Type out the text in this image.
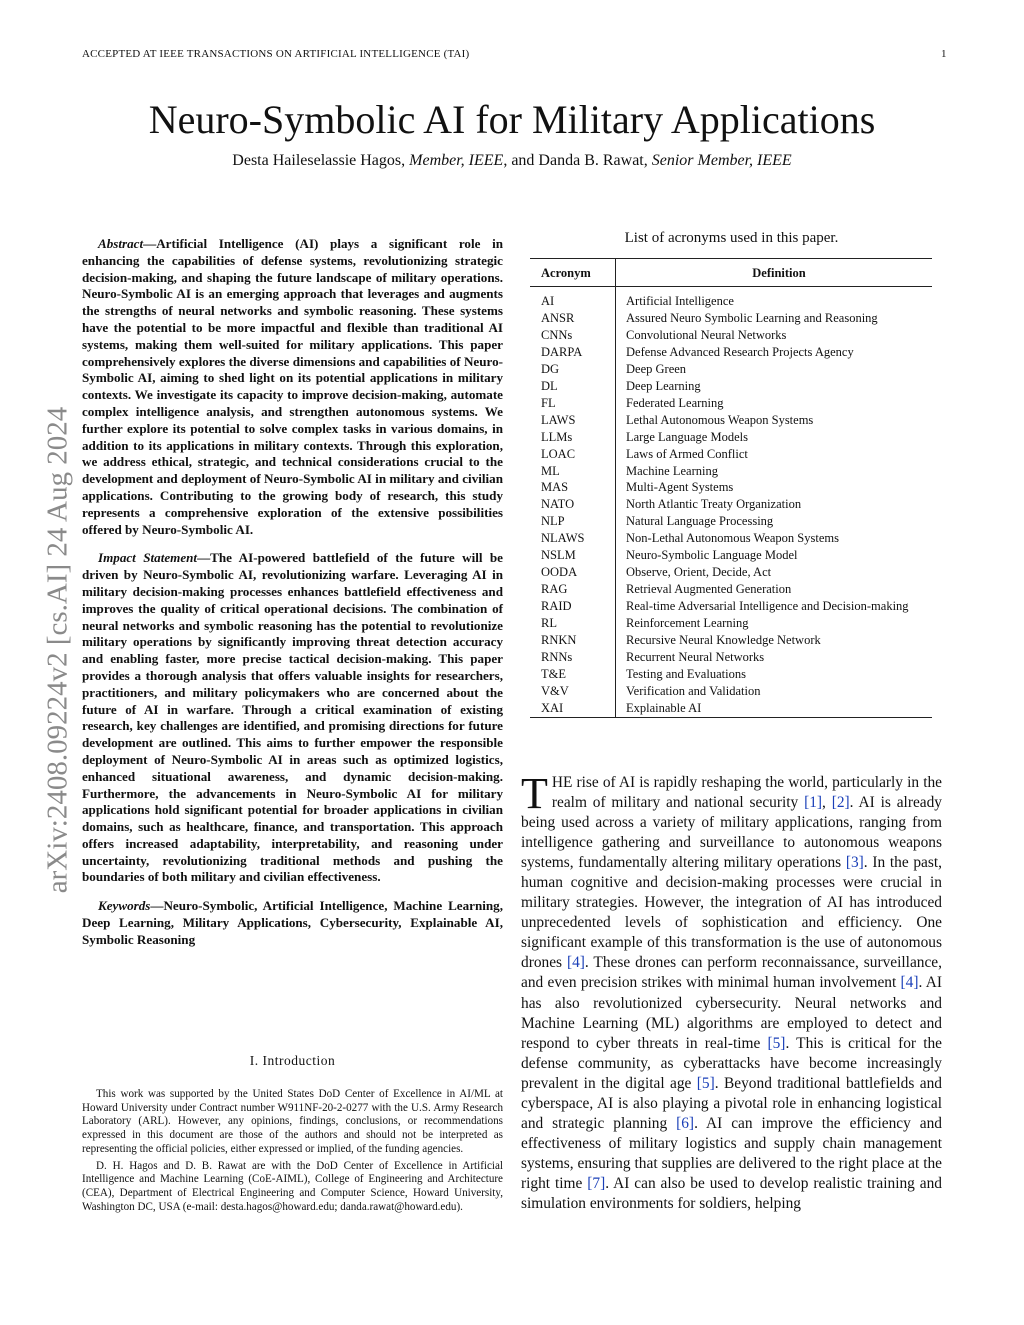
ACCEPTED AT IEEE TRANSACTIONS ON ARTIFICIAL INTELLIGENCE (TAI)	1
Neuro-Symbolic AI for Military Applications
Desta Haileselassie Hagos, Member, IEEE, and Danda B. Rawat, Senior Member, IEEE
arXiv:2408.09224v2 [cs.AI] 24 Aug 2024

Abstract—Artificial Intelligence (AI) plays a significant role in enhancing the capabilities of defense systems, revolutionizing strategic decision-making, and shaping the future landscape of military operations. Neuro-Symbolic AI is an emerging approach that leverages and augments the strengths of neural networks and symbolic reasoning. These systems have the potential to be more impactful and flexible than traditional AI systems, making them well-suited for military applications. This paper comprehensively explores the diverse dimensions and capabilities of Neuro-Symbolic AI, aiming to shed light on its potential applications in military contexts. We investigate its capacity to improve decision-making, automate complex intelligence analysis, and strengthen autonomous systems. We further explore its potential to solve complex tasks in various domains, in addition to its applications in military contexts. Through this exploration, we address ethical, strategic, and technical considerations crucial to the development and deployment of Neuro-Symbolic AI in military and civilian applications. Contributing to the growing body of research, this study represents a comprehensive exploration of the extensive possibilities offered by Neuro-Symbolic AI.

Impact Statement—The AI-powered battlefield of the future will be driven by Neuro-Symbolic AI, revolutionizing warfare. Leveraging AI in military decision-making processes enhances battlefield effectiveness and improves the quality of critical operational decisions. The combination of neural networks and symbolic reasoning has the potential to revolutionize military operations by significantly improving threat detection accuracy and enabling faster, more precise tactical decision-making. This paper provides a thorough analysis that offers valuable insights for researchers, practitioners, and military policymakers who are concerned about the future of AI in warfare. Through a critical examination of existing research, key challenges are identified, and promising directions for future development are outlined. This aims to further empower the responsible deployment of Neuro-Symbolic AI in areas such as optimized logistics, enhanced situational awareness, and dynamic decision-making. Furthermore, the advancements in Neuro-Symbolic AI for military applications hold significant potential for broader applications in civilian domains, such as healthcare, finance, and transportation. This approach offers increased adaptability, interpretability, and reasoning under uncertainty, revolutionizing traditional methods and pushing the boundaries of both military and civilian effectiveness.

Keywords—Neuro-Symbolic, Artificial Intelligence, Machine Learning, Deep Learning, Military Applications, Cybersecurity, Explainable AI, Symbolic Reasoning

I. Introduction

This work was supported by the United States DoD Center of Excellence in AI/ML at Howard University under Contract number W911NF-20-2-0277 with the U.S. Army Research Laboratory (ARL). However, any opinions, findings, conclusions, or recommendations expressed in this document are those of the authors and should not be interpreted as representing the official policies, either expressed or implied, of the funding agencies.

D. H. Hagos and D. B. Rawat are with the DoD Center of Excellence in Artificial Intelligence and Machine Learning (CoE-AIML), College of Engineering and Architecture (CEA), Department of Electrical Engineering and Computer Science, Howard University, Washington DC, USA (e-mail: desta.hagos@howard.edu; danda.rawat@howard.edu).

List of acronyms used in this paper.
Acronym	Definition

AI	Artificial Intelligence
ANSR	Assured Neuro Symbolic Learning and Reasoning
CNNs	Convolutional Neural Networks
DARPA	Defense Advanced Research Projects Agency
DG	Deep Green
DL	Deep Learning
FL	Federated Learning
LAWS	Lethal Autonomous Weapon Systems
LLMs	Large Language Models
LOAC	Laws of Armed Conflict
ML	Machine Learning
MAS	Multi-Agent Systems
NATO	North Atlantic Treaty Organization
NLP	Natural Language Processing
NLAWS	Non-Lethal Autonomous Weapon Systems
NSLM	Neuro-Symbolic Language Model
OODA	Observe, Orient, Decide, Act
RAG	Retrieval Augmented Generation
RAID	Real-time Adversarial Intelligence and Decision-making
RL	Reinforcement Learning
RNKN	Recursive Neural Knowledge Network
RNNs	Recurrent Neural Networks
T&E	Testing and Evaluations
V&V	Verification and Validation
XAI	Explainable AI
THE rise of AI is rapidly reshaping the world, particularly in the realm of military and national security [1], [2]. AI is already being used across a variety of military applications, ranging from intelligence gathering and surveillance to autonomous weapons systems, fundamentally altering military operations [3]. In the past, human cognitive and decision-making processes were crucial in military strategies. However, the integration of AI has introduced unprecedented levels of sophistication and efficiency. One significant example of this transformation is the use of autonomous drones [4]. These drones can perform reconnaissance, surveillance, and even precision strikes with minimal human involvement [4]. AI has also revolutionized cybersecurity. Neural networks and Machine Learning (ML) algorithms are employed to detect and respond to cyber threats in real-time [5]. This is critical for the defense community, as cyberattacks have become increasingly prevalent in the digital age [5]. Beyond traditional battlefields and cyberspace, AI is also playing a pivotal role in enhancing logistical and strategic planning [6]. AI can improve the efficiency and effectiveness of military logistics and supply chain management systems, ensuring that supplies are delivered to the right place at the right time [7]. AI can also be used to develop realistic training and simulation environments for soldiers, helping
